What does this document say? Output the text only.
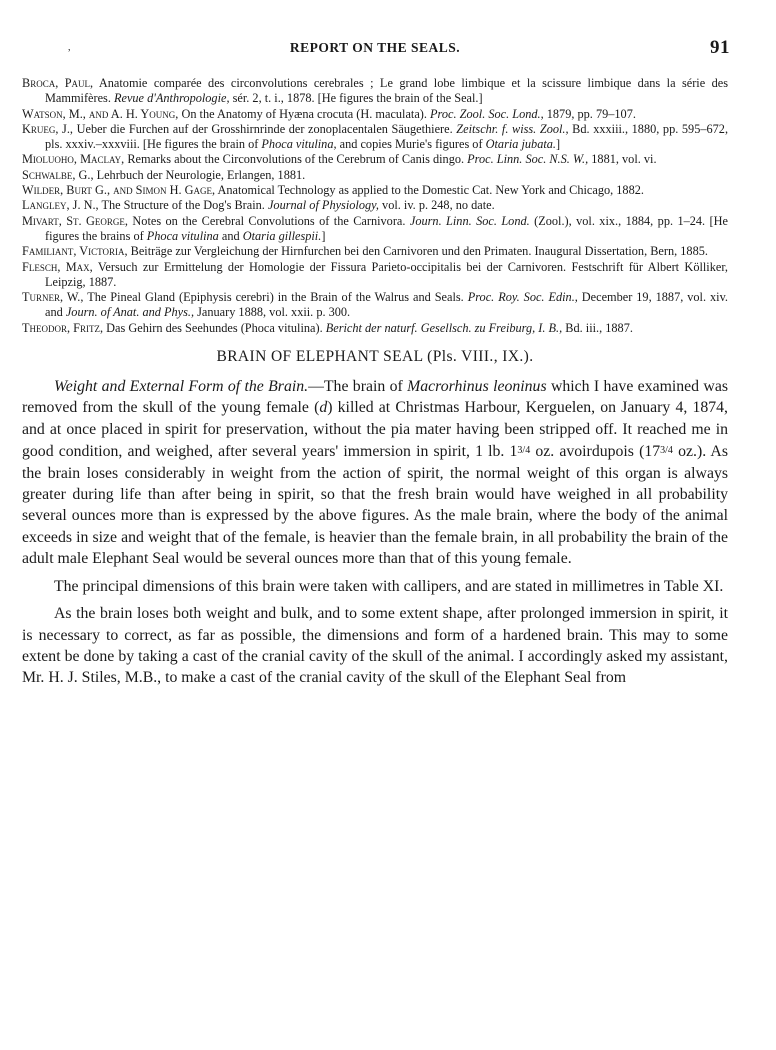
,	REPORT ON THE SEALS.	91
Broca, Paul, Anatomie comparée des circonvolutions cerebrales ; Le grand lobe limbique et la scissure limbique dans la série des Mammifères. Revue d'Anthropologie, sér. 2, t. i., 1878. [He figures the brain of the Seal.]
Watson, M., and A. H. Young, On the Anatomy of Hyæna crocuta (H. maculata). Proc. Zool. Soc. Lond., 1879, pp. 79–107.
Krueg, J., Ueber die Furchen auf der Grosshirnrinde der zonoplacentalen Säugethiere. Zeitschr. f. wiss. Zool., Bd. xxxiii., 1880, pp. 595–672, pls. xxxiv.–xxxviii. [He figures the brain of Phoca vitulina, and copies Murie's figures of Otaria jubata.]
Mioluoho, Maclay, Remarks about the Circonvolutions of the Cerebrum of Canis dingo. Proc. Linn. Soc. N.S. W., 1881, vol. vi.
Schwalbe, G., Lehrbuch der Neurologie, Erlangen, 1881.
Wilder, Burt G., and Simon H. Gage, Anatomical Technology as applied to the Domestic Cat. New York and Chicago, 1882.
Langley, J. N., The Structure of the Dog's Brain. Journal of Physiology, vol. iv. p. 248, no date.
Mivart, St. George, Notes on the Cerebral Convolutions of the Carnivora. Journ. Linn. Soc. Lond. (Zool.), vol. xix., 1884, pp. 1–24. [He figures the brains of Phoca vitulina and Otaria gillespii.]
Familiant, Victoria, Beiträge zur Vergleichung der Hirnfurchen bei den Carnivoren und den Primaten. Inaugural Dissertation, Bern, 1885.
Flesch, Max, Versuch zur Ermittelung der Homologie der Fissura Parieto-occipitalis bei der Carnivoren. Festschrift für Albert Kölliker, Leipzig, 1887.
Turner, W., The Pineal Gland (Epiphysis cerebri) in the Brain of the Walrus and Seals. Proc. Roy. Soc. Edin., December 19, 1887, vol. xiv. and Journ. of Anat. and Phys., January 1888, vol. xxii. p. 300.
Theodor, Fritz, Das Gehirn des Seehundes (Phoca vitulina). Bericht der naturf. Gesellsch. zu Freiburg, I. B., Bd. iii., 1887.
BRAIN OF ELEPHANT SEAL (Pls. VIII., IX.).

Weight and External Form of the Brain.—The brain of Macrorhinus leoninus which I have examined was removed from the skull of the young female (d) killed at Christmas Harbour, Kerguelen, on January 4, 1874, and at once placed in spirit for preservation, without the pia mater having been stripped off. It reached me in good condition, and weighed, after several years' immersion in spirit, 1 lb. 13/4 oz. avoirdupois (173/4 oz.). As the brain loses considerably in weight from the action of spirit, the normal weight of this organ is always greater during life than after being in spirit, so that the fresh brain would have weighed in all probability several ounces more than is expressed by the above figures. As the male brain, where the body of the animal exceeds in size and weight that of the female, is heavier than the female brain, in all probability the brain of the adult male Elephant Seal would be several ounces more than that of this young female.

The principal dimensions of this brain were taken with callipers, and are stated in millimetres in Table XI.

As the brain loses both weight and bulk, and to some extent shape, after prolonged immersion in spirit, it is necessary to correct, as far as possible, the dimensions and form of a hardened brain. This may to some extent be done by taking a cast of the cranial cavity of the skull of the animal. I accordingly asked my assistant, Mr. H. J. Stiles, M.B., to make a cast of the cranial cavity of the skull of the Elephant Seal from
